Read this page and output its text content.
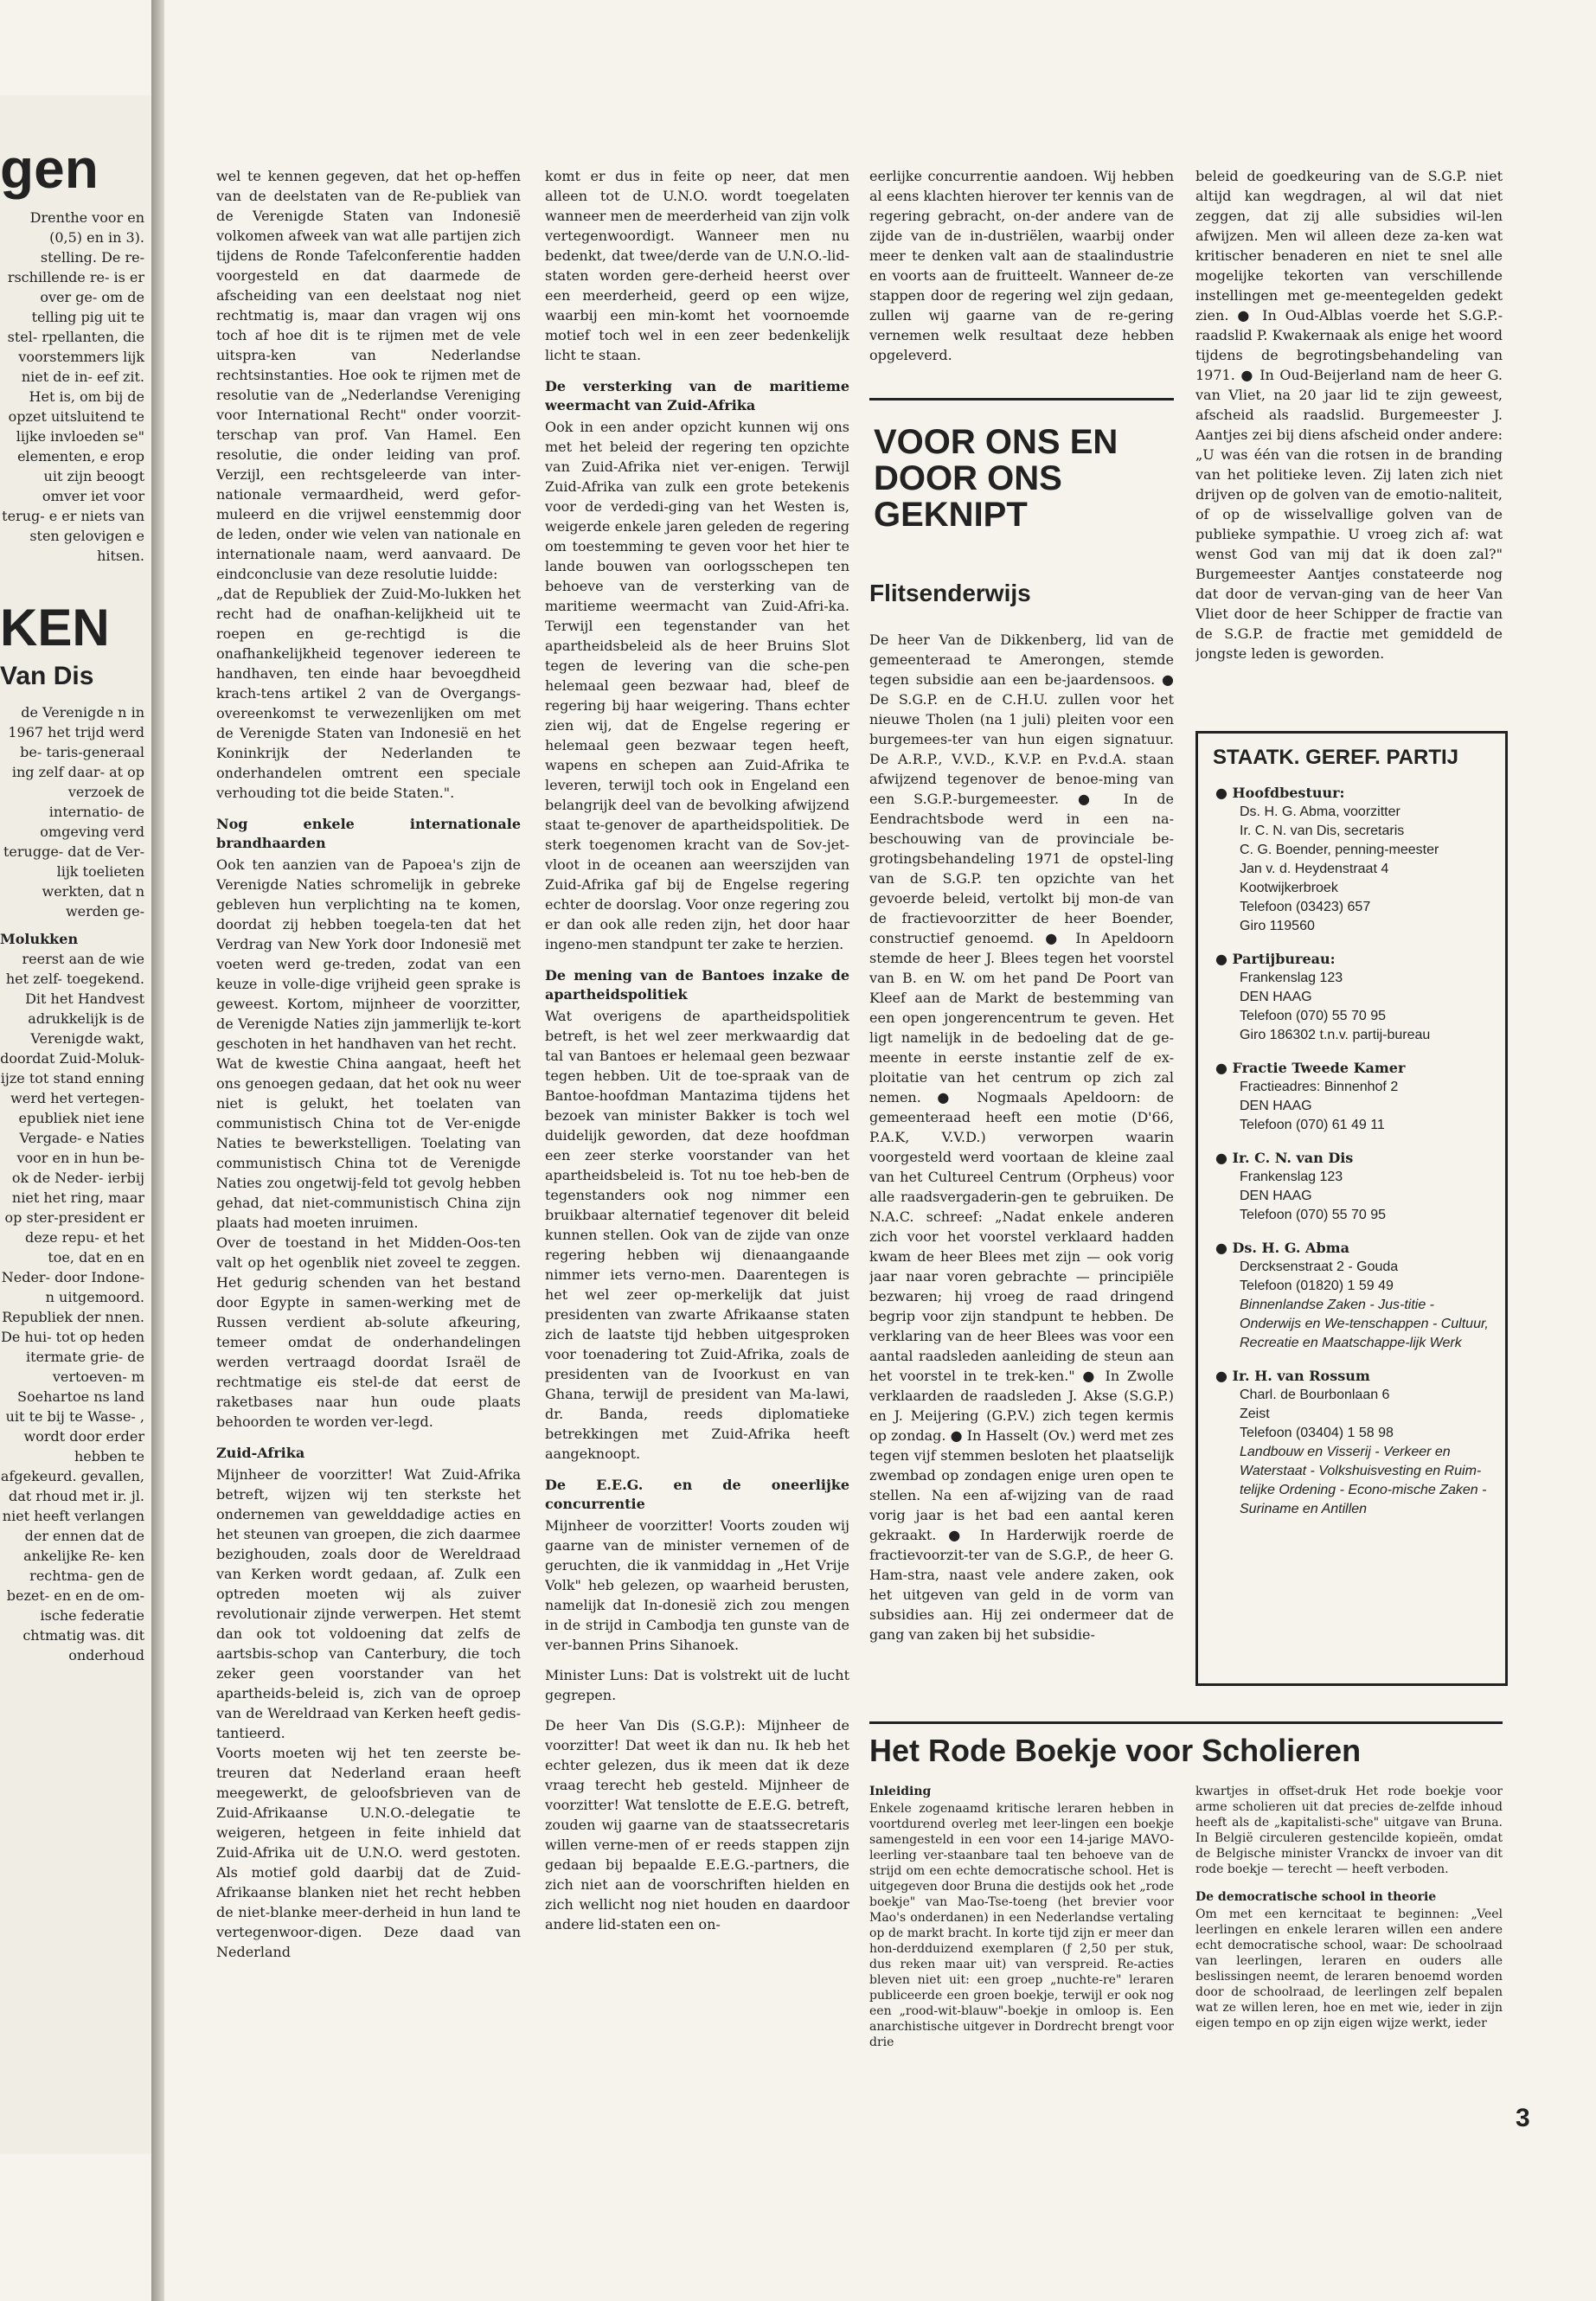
gen
Drenthe voor en (0,5) en in 3). stelling. De re- rschillende re- is er over ge- om de telling pig uit te stel- rpellanten, die voorstemmers lijk niet de in- eef zit. Het is, om bij de opzet uitsluitend te lijke invloeden se" elementen, e erop uit zijn beoogt omver iet voor terug- e er niets van sten gelovigen e hitsen.
KEN
Van Dis
de Verenigde n in 1967 het trijd werd be- taris-generaal ing zelf daar- at op verzoek de internatio- de omgeving verd terugge- dat de Ver- lijk toelieten werkten, dat n werden ge-
Molukken
reerst aan de wie het zelf- toegekend. Dit het Handvest adrukkelijk is de Verenigde wakt, doordat Zuid-Moluk- ijze tot stand enning werd het vertegen- epubliek niet iene Vergade- e Naties voor en in hun be- ok de Neder- ierbij niet het ring, maar op ster-president er deze repu- et het toe, dat en en Neder- door Indone- n uitgemoord. Republiek der nnen. De hui- tot op heden itermate grie- de vertoeven- m Soehartoe ns land uit te bij te Wasse- , wordt door erder hebben te afgekeurd. gevallen, dat rhoud met ir. jl. niet heeft verlangen der ennen dat de ankelijke Re- ken rechtma- gen de bezet- en en de om- ische federatie chtmatig was. dit onderhoud

wel te kennen gegeven, dat het op-heffen van de deelstaten van de Re-publiek van de Verenigde Staten van Indonesië volkomen afweek van wat alle partijen zich tijdens de Ronde Tafelconferentie hadden voorgesteld en dat daarmede de afscheiding van een deelstaat nog niet rechtmatig is, maar dan vragen wij ons toch af hoe dit is te rijmen met de vele uitspra-ken van Nederlandse rechtsinstanties. Hoe ook te rijmen met de resolutie van de „Nederlandse Vereniging voor International Recht" onder voorzit-terschap van prof. Van Hamel. Een resolutie, die onder leiding van prof. Verzijl, een rechtsgeleerde van inter-nationale vermaardheid, werd gefor-muleerd en die vrijwel eenstemmig door de leden, onder wie velen van nationale en internationale naam, werd aanvaard. De eindconclusie van deze resolutie luidde:

„dat de Republiek der Zuid-Mo-lukken het recht had de onafhan-kelijkheid uit te roepen en ge-rechtigd is die onafhankelijkheid tegenover iedereen te handhaven, ten einde haar bevoegdheid krach-tens artikel 2 van de Overgangs-overeenkomst te verwezenlijken om met de Verenigde Staten van Indonesië en het Koninkrijk der Nederlanden te onderhandelen omtrent een speciale verhouding tot die beide Staten.".

Nog enkele internationale brandhaarden

Ook ten aanzien van de Papoea's zijn de Verenigde Naties schromelijk in gebreke gebleven hun verplichting na te komen, doordat zij hebben toegela-ten dat het Verdrag van New York door Indonesië met voeten werd ge-treden, zodat van een keuze in volle-dige vrijheid geen sprake is geweest. Kortom, mijnheer de voorzitter, de Verenigde Naties zijn jammerlijk te-kort geschoten in het handhaven van het recht.

Wat de kwestie China aangaat, heeft het ons genoegen gedaan, dat het ook nu weer niet is gelukt, het toelaten van communistisch China tot de Ver-enigde Naties te bewerkstelligen. Toelating van communistisch China tot de Verenigde Naties zou ongetwij-feld tot gevolg hebben gehad, dat niet-communistisch China zijn plaats had moeten inruimen.

Over de toestand in het Midden-Oos-ten valt op het ogenblik niet zoveel te zeggen. Het gedurig schenden van het bestand door Egypte in samen-werking met de Russen verdient ab-solute afkeuring, temeer omdat de onderhandelingen werden vertraagd doordat Israël de rechtmatige eis stel-de dat eerst de raketbases naar hun oude plaats behoorden te worden ver-legd.

Zuid-Afrika

Mijnheer de voorzitter! Wat Zuid-Afrika betreft, wijzen wij ten sterkste het ondernemen van gewelddadige acties en het steunen van groepen, die zich daarmee bezighouden, zoals door de Wereldraad van Kerken wordt gedaan, af. Zulk een optreden moeten wij als zuiver revolutionair zijnde verwerpen. Het stemt dan ook tot voldoening dat zelfs de aartsbis-schop van Canterbury, die toch zeker geen voorstander van het apartheids-beleid is, zich van de oproep van de Wereldraad van Kerken heeft gedis-tantieerd.

Voorts moeten wij het ten zeerste be-treuren dat Nederland eraan heeft meegewerkt, de geloofsbrieven van de Zuid-Afrikaanse U.N.O.-delegatie te weigeren, hetgeen in feite inhield dat Zuid-Afrika uit de U.N.O. werd gestoten. Als motief gold daarbij dat de Zuid-Afrikaanse blanken niet het recht hebben de niet-blanke meer-derheid in hun land te vertegenwoor-digen. Deze daad van Nederland

komt er dus in feite op neer, dat men alleen tot de U.N.O. wordt toegelaten wanneer men de meerderheid van zijn volk vertegenwoordigt. Wanneer men nu bedenkt, dat twee/derde van de U.N.O.-lid-staten worden gere-derheid heerst over een meerderheid, geerd op een wijze, waarbij een min-komt het voornoemde motief toch wel in een zeer bedenkelijk licht te staan.

De versterking van de maritieme weermacht van Zuid-Afrika

Ook in een ander opzicht kunnen wij ons met het beleid der regering ten opzichte van Zuid-Afrika niet ver-enigen. Terwijl Zuid-Afrika van zulk een grote betekenis voor de verdedi-ging van het Westen is, weigerde enkele jaren geleden de regering om toestemming te geven voor het hier te lande bouwen van oorlogsschepen ten behoeve van de versterking van de maritieme weermacht van Zuid-Afri-ka. Terwijl een tegenstander van het apartheidsbeleid als de heer Bruins Slot tegen de levering van die sche-pen helemaal geen bezwaar had, bleef de regering bij haar weigering. Thans echter zien wij, dat de Engelse regering er helemaal geen bezwaar tegen heeft, wapens en schepen aan Zuid-Afrika te leveren, terwijl toch ook in Engeland een belangrijk deel van de bevolking afwijzend staat te-genover de apartheidspolitiek. De sterk toegenomen kracht van de Sov-jet-vloot in de oceanen aan weerszijden van Zuid-Afrika gaf bij de Engelse regering echter de doorslag. Voor onze regering zou er dan ook alle reden zijn, het door haar ingeno-men standpunt ter zake te herzien.

De mening van de Bantoes inzake de apartheidspolitiek

Wat overigens de apartheidspolitiek betreft, is het wel zeer merkwaardig dat tal van Bantoes er helemaal geen bezwaar tegen hebben. Uit de toe-spraak van de Bantoe-hoofdman Mantazima tijdens het bezoek van minister Bakker is toch wel duidelijk geworden, dat deze hoofdman een zeer sterke voorstander van het apartheidsbeleid is. Tot nu toe heb-ben de tegenstanders ook nog nimmer een bruikbaar alternatief tegenover dit beleid kunnen stellen. Ook van de zijde van onze regering hebben wij dienaangaande nimmer iets verno-men. Daarentegen is het wel zeer op-merkelijk dat juist presidenten van zwarte Afrikaanse staten zich de laatste tijd hebben uitgesproken voor toenadering tot Zuid-Afrika, zoals de presidenten van de Ivoorkust en van Ghana, terwijl de president van Ma-lawi, dr. Banda, reeds diplomatieke betrekkingen met Zuid-Afrika heeft aangeknoopt.

De E.E.G. en de oneerlijke concurrentie

Mijnheer de voorzitter! Voorts zouden wij gaarne van de minister vernemen of de geruchten, die ik vanmiddag in „Het Vrije Volk" heb gelezen, op waarheid berusten, namelijk dat In-donesië zich zou mengen in de strijd in Cambodja ten gunste van de ver-bannen Prins Sihanoek.

Minister Luns: Dat is volstrekt uit de lucht gegrepen.

De heer Van Dis (S.G.P.): Mijnheer de voorzitter! Dat weet ik dan nu. Ik heb het echter gelezen, dus ik meen dat ik deze vraag terecht heb gesteld. Mijnheer de voorzitter! Wat tenslotte de E.E.G. betreft, zouden wij gaarne van de staatssecretaris willen verne-men of er reeds stappen zijn gedaan bij bepaalde E.E.G.-partners, die zich niet aan de voorschriften hielden en zich wellicht nog niet houden en daardoor andere lid-staten een on-

eerlijke concurrentie aandoen. Wij hebben al eens klachten hierover ter kennis van de regering gebracht, on-der andere van de zijde van de in-dustriëlen, waarbij onder meer te denken valt aan de staalindustrie en voorts aan de fruitteelt. Wanneer de-ze stappen door de regering wel zijn gedaan, zullen wij gaarne van de re-gering vernemen welk resultaat deze hebben opgeleverd.

VOOR ONS EN DOOR ONS GEKNIPT
Flitsenderwijs

De heer Van de Dikkenberg, lid van de gemeenteraad te Amerongen, stemde tegen subsidie aan een be-jaardensoos. ● De S.G.P. en de C.H.U. zullen voor het nieuwe Tholen (na 1 juli) pleiten voor een burgemees-ter van hun eigen signatuur. De A.R.P., V.V.D., K.V.P. en P.v.d.A. staan afwijzend tegenover de benoe-ming van een S.G.P.-burgemeester. ● In de Eendrachtsbode werd in een na-beschouwing van de provinciale be-grotingsbehandeling 1971 de opstel-ling van de S.G.P. ten opzichte van het gevoerde beleid, vertolkt bij mon-de van de fractievoorzitter de heer Boender, constructief genoemd. ● In Apeldoorn stemde de heer J. Blees tegen het voorstel van B. en W. om het pand De Poort van Kleef aan de Markt de bestemming van een open jongerencentrum te geven. Het ligt namelijk in de bedoeling dat de ge-meente in eerste instantie zelf de ex-ploitatie van het centrum op zich zal nemen. ● Nogmaals Apeldoorn: de gemeenteraad heeft een motie (D'66, P.A.K, V.V.D.) verworpen waarin voorgesteld werd voortaan de kleine zaal van het Cultureel Centrum (Orpheus) voor alle raadsvergaderin-gen te gebruiken. De N.A.C. schreef: „Nadat enkele anderen zich voor het voorstel verklaard hadden kwam de heer Blees met zijn — ook vorig jaar naar voren gebrachte — principiële bezwaren; hij vroeg de raad dringend begrip voor zijn standpunt te hebben. De verklaring van de heer Blees was voor een aantal raadsleden aanleiding de steun aan het voorstel in te trek-ken." ● In Zwolle verklaarden de raadsleden J. Akse (S.G.P.) en J. Meijering (G.P.V.) zich tegen kermis op zondag. ● In Hasselt (Ov.) werd met zes tegen vijf stemmen besloten het plaatselijk zwembad op zondagen enige uren open te stellen. Na een af-wijzing van de raad vorig jaar is het bad een aantal keren gekraakt. ● In Harderwijk roerde de fractievoorzit-ter van de S.G.P., de heer G. Ham-stra, naast vele andere zaken, ook het uitgeven van geld in de vorm van subsidies aan. Hij zei ondermeer dat de gang van zaken bij het subsidie-

beleid de goedkeuring van de S.G.P. niet altijd kan wegdragen, al wil dat niet zeggen, dat zij alle subsidies wil-len afwijzen. Men wil alleen deze za-ken wat kritischer benaderen en niet te snel alle mogelijke tekorten van verschillende instellingen met ge-meentegelden gedekt zien. ● In Oud-Alblas voerde het S.G.P.-raadslid P. Kwakernaak als enige het woord tijdens de begrotingsbehandeling van 1971. ● In Oud-Beijerland nam de heer G. van Vliet, na 20 jaar lid te zijn geweest, afscheid als raadslid. Burgemeester J. Aantjes zei bij diens afscheid onder andere: „U was één van die rotsen in de branding van het politieke leven. Zij laten zich niet drijven op de golven van de emotio-naliteit, of op de wisselvallige golven van de publieke sympathie. U vroeg zich af: wat wenst God van mij dat ik doen zal?" Burgemeester Aantjes constateerde nog dat door de vervan-ging van de heer Van Vliet door de heer Schipper de fractie van de S.G.P. de fractie met gemiddeld de jongste leden is geworden.

STAATK. GEREF. PARTIJ
● Hoofdbestuur:
Ds. H. G. Abma, voorzitter
Ir. C. N. van Dis, secretaris
C. G. Boender, penning-meester
Jan v. d. Heydenstraat 4
Kootwijkerbroek
Telefoon (03423) 657
Giro 119560
● Partijbureau:
Frankenslag 123
DEN HAAG
Telefoon (070) 55 70 95
Giro 186302 t.n.v. partij-bureau
● Fractie Tweede Kamer
Fractieadres: Binnenhof 2
DEN HAAG
Telefoon (070) 61 49 11
● Ir. C. N. van Dis
Frankenslag 123
DEN HAAG
Telefoon (070) 55 70 95
● Ds. H. G. Abma
Dercksenstraat 2 - Gouda
Telefoon (01820) 1 59 49
Binnenlandse Zaken - Jus-titie - Onderwijs en We-tenschappen - Cultuur, Recreatie en Maatschappe-lijk Werk
● Ir. H. van Rossum
Charl. de Bourbonlaan 6
Zeist
Telefoon (03404) 1 58 98
Landbouw en Visserij - Verkeer en Waterstaat - Volkshuisvesting en Ruim-telijke Ordening - Econo-mische Zaken - Suriname en Antillen
Het Rode Boekje voor Scholieren
Inleiding

Enkele zogenaamd kritische leraren hebben in voortdurend overleg met leer-lingen een boekje samengesteld in een voor een 14-jarige MAVO-leerling ver-staanbare taal ten behoeve van de strijd om een echte democratische school. Het is uitgegeven door Bruna die destijds ook het „rode boekje" van Mao-Tse-toeng (het brevier voor Mao's onderdanen) in een Nederlandse vertaling op de markt bracht. In korte tijd zijn er meer dan hon-derdduizend exemplaren (ƒ 2,50 per stuk, dus reken maar uit) van verspreid. Re-acties bleven niet uit: een groep „nuchte-re" leraren publiceerde een groen boekje, terwijl er ook nog een „rood-wit-blauw"-boekje in omloop is. Een anarchistische uitgever in Dordrecht brengt voor drie

kwartjes in offset-druk Het rode boekje voor arme scholieren uit dat precies de-zelfde inhoud heeft als de „kapitalisti-sche" uitgave van Bruna. In België circuleren gestencilde kopieën, omdat de Belgische minister Vranckx de invoer van dit rode boekje — terecht — heeft verboden.

De democratische school in theorie

Om met een kerncitaat te beginnen: „Veel leerlingen en enkele leraren willen een andere echt democratische school, waar: De schoolraad van leerlingen, leraren en ouders alle beslissingen neemt, de leraren benoemd worden door de schoolraad, de leerlingen zelf bepalen wat ze willen leren, hoe en met wie, ieder in zijn eigen tempo en op zijn eigen wijze werkt, ieder

3
